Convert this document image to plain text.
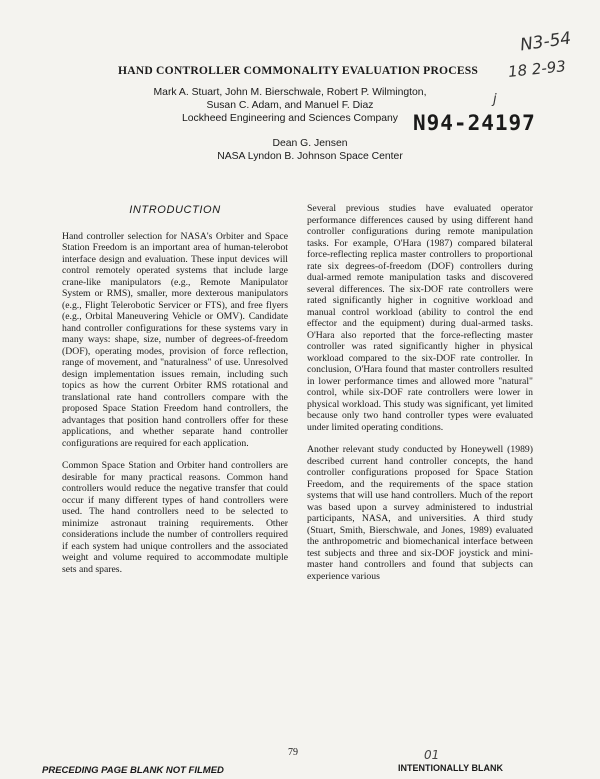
N3-54
18 2-93
j
HAND CONTROLLER COMMONALITY EVALUATION PROCESS
Mark A. Stuart, John M. Bierschwale, Robert P. Wilmington,
Susan C. Adam, and Manuel F. Diaz
Lockheed Engineering and Sciences Company N94-24197
Dean G. Jensen
NASA Lyndon B. Johnson Space Center
INTRODUCTION

Hand controller selection for NASA's Orbiter and Space Station Freedom is an important area of human-telerobot interface design and evaluation. These input devices will control remotely operated systems that include large crane-like manipulators (e.g., Remote Manipulator System or RMS), smaller, more dexterous manipulators (e.g., Flight Telerobotic Servicer or FTS), and free flyers (e.g., Orbital Maneuvering Vehicle or OMV). Candidate hand controller configurations for these systems vary in many ways: shape, size, number of degrees-of-freedom (DOF), operating modes, provision of force reflection, range of movement, and "naturalness" of use. Unresolved design implementation issues remain, including such topics as how the current Orbiter RMS rotational and translational rate hand controllers compare with the proposed Space Station Freedom hand controllers, the advantages that position hand controllers offer for these applications, and whether separate hand controller configurations are required for each application.

Common Space Station and Orbiter hand controllers are desirable for many practical reasons. Common hand controllers would reduce the negative transfer that could occur if many different types of hand controllers were used. The hand controllers need to be selected to minimize astronaut training requirements. Other considerations include the number of controllers required if each system had unique controllers and the associated weight and volume required to accommodate multiple sets and spares.

Several previous studies have evaluated operator performance differences caused by using different hand controller configurations during remote manipulation tasks. For example, O'Hara (1987) compared bilateral force-reflecting replica master controllers to proportional rate six degrees-of-freedom (DOF) controllers during dual-armed remote manipulation tasks and discovered several differences. The six-DOF rate controllers were rated significantly higher in cognitive workload and manual control workload (ability to control the end effector and the equipment) during dual-armed tasks. O'Hara also reported that the force-reflecting master controller was rated significantly higher in physical workload compared to the six-DOF rate controller. In conclusion, O'Hara found that master controllers resulted in lower performance times and allowed more "natural" control, while six-DOF rate controllers were lower in physical workload. This study was significant, yet limited because only two hand controller types were evaluated under limited operating conditions.

Another relevant study conducted by Honeywell (1989) described current hand controller concepts, the hand controller configurations proposed for Space Station Freedom, and the requirements of the space station systems that will use hand controllers. Much of the report was based upon a survey administered to industrial participants, NASA, and universities. A third study (Stuart, Smith, Bierschwale, and Jones, 1989) evaluated the anthropometric and biomechanical interface between test subjects and three and six-DOF joystick and mini-master hand controllers and found that subjects can experience various

79
PRECEDING PAGE BLANK NOT FILMED
01
INTENTIONALLY BLANK
